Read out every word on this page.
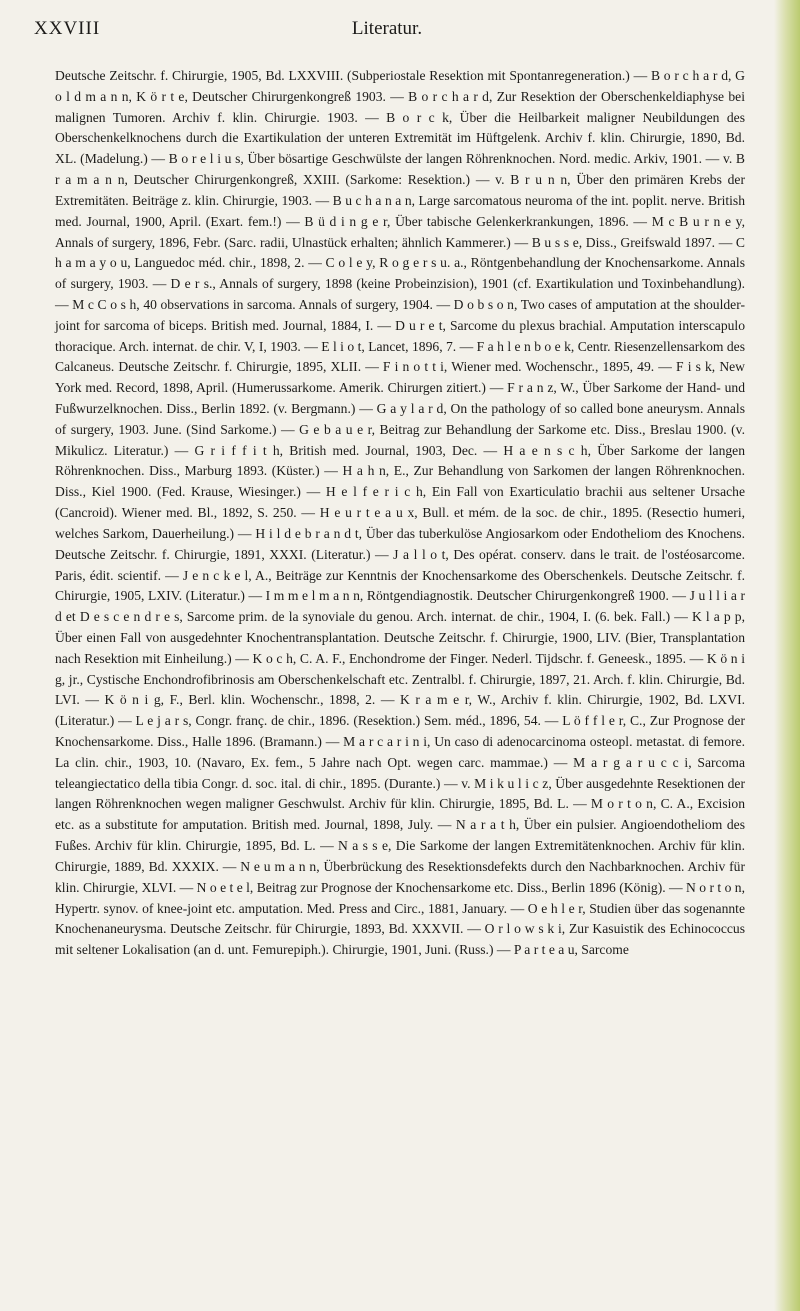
XXVIII	Literatur.

Deutsche Zeitschr. f. Chirurgie, 1905, Bd. LXXVIII. (Subperiostale Resektion mit Spontanregeneration.) — B o r c h a r d, G o l d m a n n, K ö r t e, Deutscher Chirurgenkongreß 1903. — B o r c h a r d, Zur Resektion der Oberschenkeldiaphyse bei malignen Tumoren. Archiv f. klin. Chirurgie. 1903. — B o r c k, Über die Heilbarkeit maligner Neubildungen des Oberschenkelknochens durch die Exartikulation der unteren Extremität im Hüftgelenk. Archiv f. klin. Chirurgie, 1890, Bd. XL. (Madelung.) — B o r e l i u s, Über bösartige Geschwülste der langen Röhrenknochen. Nord. medic. Arkiv, 1901. — v. B r a m a n n, Deutscher Chirurgenkongreß, XXIII. (Sarkome: Resektion.) — v. B r u n n, Über den primären Krebs der Extremitäten. Beiträge z. klin. Chirurgie, 1903. — B u c h a n a n, Large sarcomatous neuroma of the int. poplit. nerve. British med. Journal, 1900, April. (Exart. fem.!) — B ü d i n g e r, Über tabische Gelenkerkrankungen, 1896. — M c B u r n e y, Annals of surgery, 1896, Febr. (Sarc. radii, Ulnastück erhalten; ähnlich Kammerer.) — B u s s e, Diss., Greifswald 1897. — C h a m a y o u, Languedoc méd. chir., 1898, 2. — C o l e y, R o g e r s u. a., Röntgenbehandlung der Knochensarkome. Annals of surgery, 1903. — D e r s., Annals of surgery, 1898 (keine Probeinzision), 1901 (cf. Exartikulation und Toxinbehandlung). — M c C o s h, 40 observations in sarcoma. Annals of surgery, 1904. — D o b s o n, Two cases of amputation at the shoulder-joint for sarcoma of biceps. British med. Journal, 1884, I. — D u r e t, Sarcome du plexus brachial. Amputation interscapulo thoracique. Arch. internat. de chir. V, I, 1903. — E l i o t, Lancet, 1896, 7. — F a h l e n b o e k, Centr. Riesenzellensarkom des Calcaneus. Deutsche Zeitschr. f. Chirurgie, 1895, XLII. — F i n o t t i, Wiener med. Wochenschr., 1895, 49. — F i s k, New York med. Record, 1898, April. (Humerussarkome. Amerik. Chirurgen zitiert.) — F r a n z, W., Über Sarkome der Hand- und Fußwurzelknochen. Diss., Berlin 1892. (v. Bergmann.) — G a y l a r d, On the pathology of so called bone aneurysm. Annals of surgery, 1903. June. (Sind Sarkome.) — G e b a u e r, Beitrag zur Behandlung der Sarkome etc. Diss., Breslau 1900. (v. Mikulicz. Literatur.) — G r i f f i t h, British med. Journal, 1903, Dec. — H a e n s c h, Über Sarkome der langen Röhrenknochen. Diss., Marburg 1893. (Küster.) — H a h n, E., Zur Behandlung von Sarkomen der langen Röhrenknochen. Diss., Kiel 1900. (Fed. Krause, Wiesinger.) — H e l f e r i c h, Ein Fall von Exarticulatio brachii aus seltener Ursache (Cancroid). Wiener med. Bl., 1892, S. 250. — H e u r t e a u x, Bull. et mém. de la soc. de chir., 1895. (Resectio humeri, welches Sarkom, Dauerheilung.) — H i l d e b r a n d t, Über das tuberkulöse Angiosarkom oder Endotheliom des Knochens. Deutsche Zeitschr. f. Chirurgie, 1891, XXXI. (Literatur.) — J a l l o t, Des opérat. conserv. dans le trait. de l'ostéosarcome. Paris, édit. scientif. — J e n c k e l, A., Beiträge zur Kenntnis der Knochensarkome des Oberschenkels. Deutsche Zeitschr. f. Chirurgie, 1905, LXIV. (Literatur.) — I m m e l m a n n, Röntgendiagnostik. Deutscher Chirurgenkongreß 1900. — J u l l i a r d et D e s c e n d r e s, Sarcome prim. de la synoviale du genou. Arch. internat. de chir., 1904, I. (6. bek. Fall.) — K l a p p, Über einen Fall von ausgedehnter Knochentransplantation. Deutsche Zeitschr. f. Chirurgie, 1900, LIV. (Bier, Transplantation nach Resektion mit Einheilung.) — K o c h, C. A. F., Enchondrome der Finger. Nederl. Tijdschr. f. Geneesk., 1895. — K ö n i g, jr., Cystische Enchondrofibrinosis am Oberschenkelschaft etc. Zentralbl. f. Chirurgie, 1897, 21. Arch. f. klin. Chirurgie, Bd. LVI. — K ö n i g, F., Berl. klin. Wochenschr., 1898, 2. — K r a m e r, W., Archiv f. klin. Chirurgie, 1902, Bd. LXVI. (Literatur.) — L e j a r s, Congr. franç. de chir., 1896. (Resektion.) Sem. méd., 1896, 54. — L ö f f l e r, C., Zur Prognose der Knochensarkome. Diss., Halle 1896. (Bramann.) — M a r c a r i n i, Un caso di adenocarcinoma osteopl. metastat. di femore. La clin. chir., 1903, 10. (Navaro, Ex. fem., 5 Jahre nach Opt. wegen carc. mammae.) — M a r g a r u c c i, Sarcoma teleangiectatico della tibia Congr. d. soc. ital. di chir., 1895. (Durante.) — v. M i k u l i c z, Über ausgedehnte Resektionen der langen Röhrenknochen wegen maligner Geschwulst. Archiv für klin. Chirurgie, 1895, Bd. L. — M o r t o n, C. A., Excision etc. as a substitute for amputation. British med. Journal, 1898, July. — N a r a t h, Über ein pulsier. Angioendotheliom des Fußes. Archiv für klin. Chirurgie, 1895, Bd. L. — N a s s e, Die Sarkome der langen Extremitätenknochen. Archiv für klin. Chirurgie, 1889, Bd. XXXIX. — N e u m a n n, Überbrückung des Resektionsdefekts durch den Nachbarknochen. Archiv für klin. Chirurgie, XLVI. — N o e t e l, Beitrag zur Prognose der Knochensarkome etc. Diss., Berlin 1896 (König). — N o r t o n, Hypertr. synov. of knee-joint etc. amputation. Med. Press and Circ., 1881, January. — O e h l e r, Studien über das sogenannte Knochenaneurysma. Deutsche Zeitschr. für Chirurgie, 1893, Bd. XXXVII. — O r l o w s k i, Zur Kasuistik des Echinococcus mit seltener Lokalisation (an d. unt. Femurepiph.). Chirurgie, 1901, Juni. (Russ.) — P a r t e a u, Sarcome
